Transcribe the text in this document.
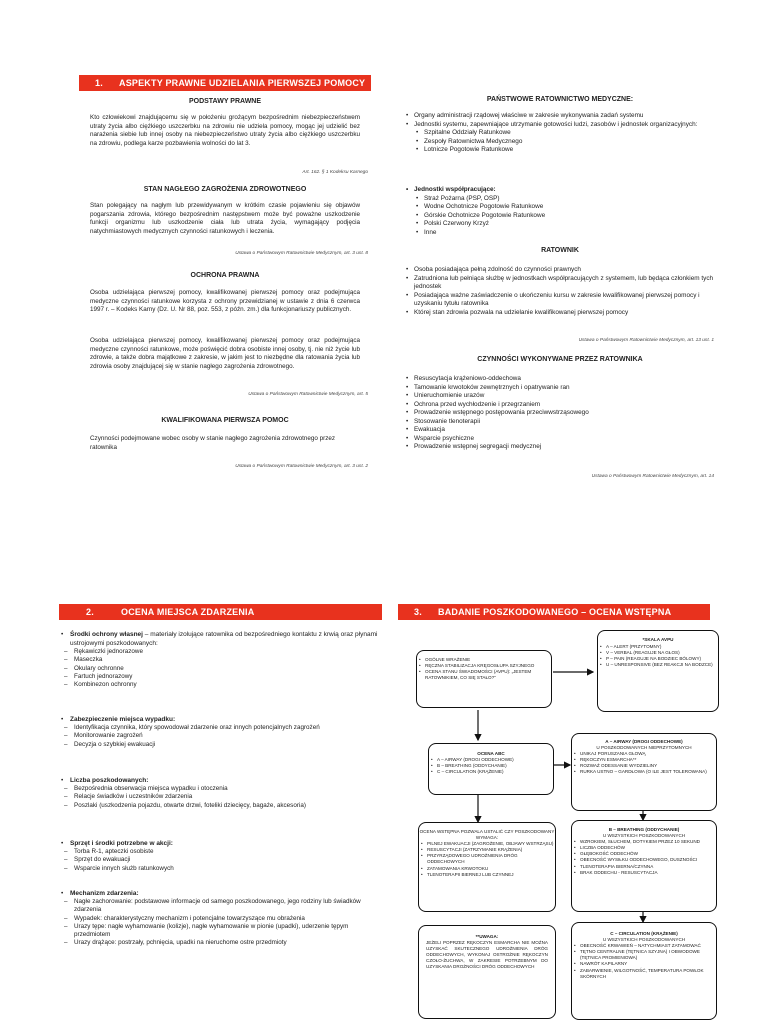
1. ASPEKTY PRAWNE UDZIELANIA PIERWSZEJ POMOCY
PODSTAWY PRAWNE
Kto człowiekowi znajdującemu się w położeniu grożącym bezpośrednim niebezpieczeństwem utraty życia albo ciężkiego uszczerbku na zdrowiu nie udziela pomocy, mogąc jej udzielić bez narażenia siebie lub innej osoby na niebezpieczeństwo utraty życia albo ciężkiego uszczerbku na zdrowiu, podlega karze pozbawienia wolności do lat 3.
Art. 162. § 1 Kodeksu Karnego
STAN NAGŁEGO ZAGROŻENIA ZDROWOTNEGO
Stan polegający na nagłym lub przewidywanym w krótkim czasie pojawieniu się objawów pogarszania zdrowia, którego bezpośrednim następstwem może być poważne uszkodzenie funkcji organizmu lub uszkodzenie ciała lub utrata życia, wymagający podjęcia natychmiastowych medycznych czynności ratunkowych i leczenia.
Ustawa o Państwowym Ratownictwie Medycznym, art. 3 ust. 8
OCHRONA PRAWNA
Osoba udzielająca pierwszej pomocy, kwalifikowanej pierwszej pomocy oraz podejmująca medyczne czynności ratunkowe korzysta z ochrony przewidzianej w ustawie z dnia 6 czerwca 1997 r. – Kodeks Karny (Dz. U. Nr 88, poz. 553, z późn. zm.) dla funkcjonariuszy publicznych.
Osoba udzielająca pierwszej pomocy, kwalifikowanej pierwszej pomocy oraz podejmująca medyczne czynności ratunkowe, może poświęcić dobra osobiste innej osoby, tj. nie niż życie lub zdrowie, a także dobra majątkowe z zakresie, w jakim jest to niezbędne dla ratowania życia lub zdrowia osoby znajdującej się w stanie nagłego zagrożenia zdrowotnego.
Ustawa o Państwowym Ratownictwie Medycznym, art. 5
KWALIFIKOWANA PIERWSZA POMOC
Czynności podejmowane wobec osoby w stanie nagłego zagrożenia zdrowotnego przez ratownika
Ustawa o Państwowym Ratownictwie Medycznym, art. 3 ust. 2
PAŃSTWOWE RATOWNICTWO MEDYCZNE:
• Organy administracji rządowej właściwe w zakresie wykonywania zadań systemu
• Jednostki systemu, zapewniające utrzymanie gotowości ludzi, zasobów i jednostek organizacyjnych:
• Szpitalne Oddziały Ratunkowe
• Zespoły Ratownictwa Medycznego
• Lotnicze Pogotowie Ratunkowe
• Jednostki współpracujące:
• Straż Pożarna (PSP, OSP)
• Wodne Ochotnicze Pogotowie Ratunkowe
• Górskie Ochotnicze Pogotowie Ratunkowe
• Polski Czerwony Krzyż
• Inne
RATOWNIK
• Osoba posiadająca pełną zdolność do czynności prawnych
• Zatrudniona lub pełniąca służbę w jednostkach współpracujących z systemem, lub będąca członkiem tych jednostek
• Posiadająca ważne zaświadczenie o ukończeniu kursu w zakresie kwalifikowanej pierwszej pomocy i uzyskaniu tytułu ratownika
• Której stan zdrowia pozwala na udzielanie kwalifikowanej pierwszej pomocy
Ustawa o Państwowym Ratownictwie Medycznym, art. 13 ust. 1
CZYNNOŚCI WYKONYWANE PRZEZ RATOWNIKA
• Resuscytacja krążeniowo-oddechowa
• Tamowanie krwotoków zewnętrznych i opatrywanie ran
• Unieruchomienie urazów
• Ochrona przed wychłodzenie i przegrzaniem
• Prowadzenie wstępnego postępowania przeciwwstrząsowego
• Stosowanie tlenoterapii
• Ewakuacja
• Wsparcie psychiczne
• Prowadzenie wstępnej segregacji medycznej
Ustawa o Państwowym Ratownictwie Medycznym, art. 14
2.	OCENA MIEJSCA ZDARZENIA
• Środki ochrony własnej – materiały izolujące ratownika od bezpośredniego kontaktu z krwią oraz płynami ustrojowymi poszkodowanych:
– Rękawiczki jednorazowe
– Maseczka
– Okulary ochronne
– Fartuch jednorazowy
– Kombinezon ochronny
• Zabezpieczenie miejsca wypadku:
– Identyfikacja czynnika, który spowodował zdarzenie oraz innych potencjalnych zagrożeń
– Monitorowanie zagrożeń
– Decyzja o szybkiej ewakuacji
• Liczba poszkodowanych:
– Bezpośrednia obserwacja miejsca wypadku i otoczenia
– Relacje świadków i uczestników zdarzenia
– Poszlaki (uszkodzenia pojazdu, otwarte drzwi, foteliki dziecięcy, bagaże, akcesoria)
• Sprzęt i środki potrzebne w akcji:
– Torba R-1, apteczki osobiste
– Sprzęt do ewakuacji
– Wsparcie innych służb ratunkowych
• Mechanizm zdarzenia:
– Nagłe zachorowanie: podstawowe informacje od samego poszkodowanego, jego rodziny lub świadków zdarzenia
– Wypadek: charakterystyczny mechanizm i potencjalne towarzyszące mu obrażenia
– Urazy tępe: nagłe wyhamowanie (kolizje), nagłe wyhamowanie w pionie (upadki), uderzenie tępym przedmiotem
– Urazy drążące: postrzały, pchnięcia, upadki na nieruchome ostre przedmioty
3. BADANIE POSZKODOWANEGO – OCENA WSTĘPNA URAZOWA
• OGÓLNE WRAŻENIE
• RĘCZNA STABILIZACJA KRĘGOSŁUPA SZYJNEGO
• OCENA STANU ŚWIADOMOŚCI (AVPU): „JESTEM RATOWNIKIEM, CO SIĘ STAŁO?"
*SKALA AVPU
• A – ALERT (PRZYTOMNY)
• V – VERBAL (REAGUJE NA GŁOS)
• P – PAIN (REAGUJE NA BODZIEC BÓLOWY)
• U – UNRESPONSIVE (BEZ REAKCJI NA BODZCE)
OCENA ABC
• A – AIRWAY (DROGI ODDECHOWE)
• B – BREATHING (ODDYCHANIE)
• C – CIRCULATION (KRĄŻENIE)
A – AIRWAY (DROGI ODDECHOWE)
U POSZKODOWANYCH NIEPRZYTOMNYCH
• UNIKAJ PORUSZANIA GŁOWĄ
• RĘKOCZYN ESMARCHA**
• ROZWAŻ ODESSANIE WYDZIELINY
• RURKA USTNO – GARDŁOWA (O ILE JEST TOLEROWANA)
OCENA WSTĘPNA POZWALA USTALIĆ CZY POSZKODOWANY WYMAGA:
• PILNEJ EWAKUACJI (ZAGROŻENIE, OBJAWY WSTRZĄSU)
• RESUSCYTACJI (ZATRZYMANIE KRĄŻENIA)
• PRZYRZĄDOWEGO UDROŻNIENIA DRÓG ODDECHOWYCH
• ZATAMOWANIA KRWOTOKU
• TLENOTERAPII BIERNEJ LUB CZYNNEJ
B – BREATHING (ODDYCHANIE)
U WSZYSTKICH POSZKODOWANYCH
• WZROKIEM, SŁUCHEM, DOTYKIEM PRZEZ 10 SEKUND
• LICZBA ODDECHÓW
• GŁĘBOKOŚĆ ODDECHÓW
• OBECNOŚĆ WYSIŁKU ODDECHOWEGO, DUSZNOŚCI
• TLENOTERAPIA BIERNA/CZYNNA
• BRAK ODDECHU - RESUSCYTACJA
**UWAGA:
JEŻELI POPRZEZ RĘKOCZYN ESMARCHA NIE MOŻNA UZYSKAĆ SKUTECZNEGO UDROŻNIENIA DRÓG ODDECHOWYCH, WYKONAJ OSTROŻNIE RĘKOCZYN CZOŁO-ŻUCHWA, W ZAKRESIE POTRZEBNYM DO UZYSKANIA DROŻNOŚCI DRÓG ODDECHOWYCH
C – CIRCULATION (KRĄŻENIE)
U WSZYSTKICH POSZKODOWANYCH
• OBECNOŚĆ KRWAWIEŃ – NATYCHMIAST ZATAMOWAĆ
• TĘTNO CENTRALNE (TĘTNICA SZYJNA) I OBWODOWE (TĘTNICA PROMIENIOWA)
• NAWRÓT KAPILARNY
• ZABARWIENIE, WILGOTNOŚĆ, TEMPERATURA POWŁOK SKÓRNYCH
